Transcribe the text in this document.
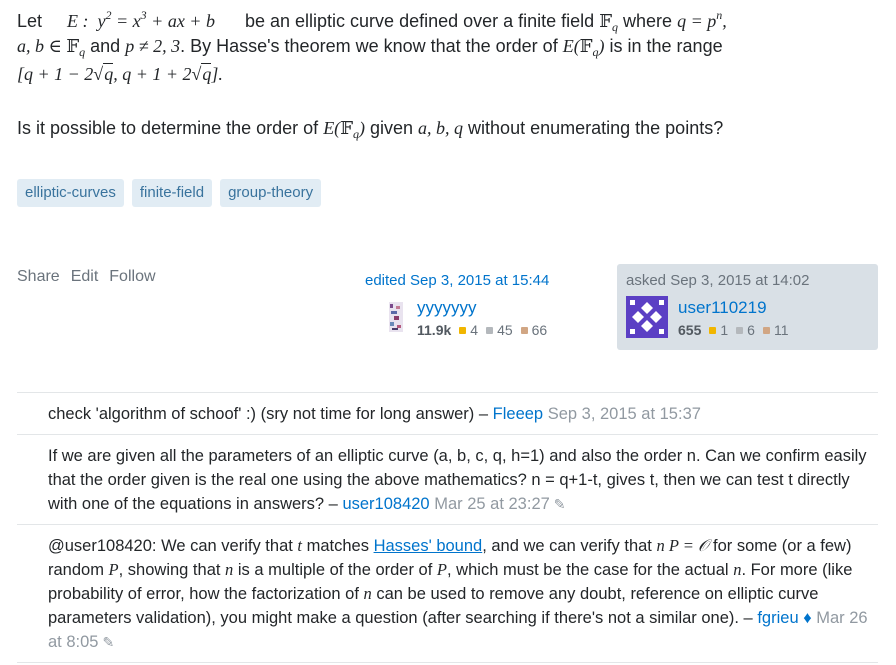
Let E :  $y^2 = x^3$ + ax + b be an elliptic curve defined over a finite field 𝔽$_q$ where $q = p^n$,
a, b ∈ 𝔽$_q$ and p ≠ 2, 3. By Hasse's theorem we know that the order of E(𝔽$_q$) is in the range
[q + 1 − 2√q, q + 1 + 2√q].
Is it possible to determine the order of E(𝔽$_q$) given a, b, q without enumerating the points?
elliptic-curves	finite-field	group-theory
Share Edit Follow	edited Sep 3, 2015 at 15:44
yyyyyyy
11.9k 4 45 66
asked Sep 3, 2015 at 14:02
user110219
655 1 6 11
check 'algorithm of schoof' :) (sry not time for long answer) – Fleeep Sep 3, 2015 at 15:37
If we are given all the parameters of an elliptic curve (a, b, c, q, h=1) and also the order n. Can we confirm easily that the order given is the real one using the above mathematics? n = q+1-t, gives t, then we can test t directly with one of the equations in answers? – user108420 Mar 25 at 23:27 ✎
@user108420: We can verify that t matches Hasses' bound, and we can verify that n P = 𝒪 for some (or a few) random P, showing that n is a multiple of the order of P, which must be the case for the actual n. For more (like probability of error, how the factorization of n can be used to remove any doubt, reference on elliptic curve parameters validation), you might make a question (after searching if there's not a similar one). – fgrieu ♦ Mar 26 at 8:05 ✎
